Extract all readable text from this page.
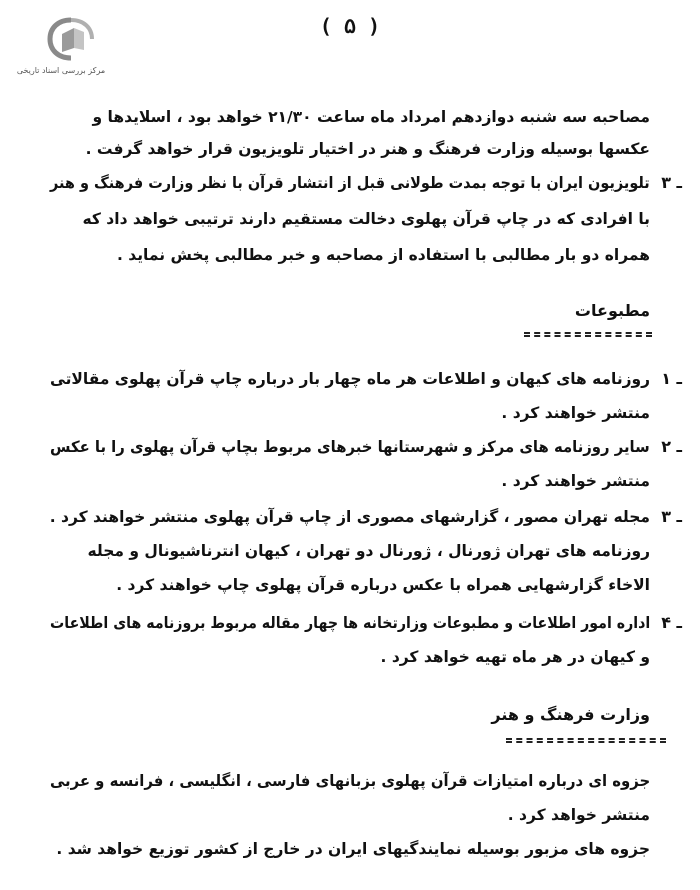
مرکز بررسی اسناد تاریخی
( ۵ )
مصاحبه سه شنبه دوازدهم امرداد ماه ساعت ۲۱/۳۰ خواهد بود ، اسلایدها و
عکسها بوسیله وزارت فرهنگ و هنر در اختیار تلویزیون قرار خواهد گرفت .
۳ ـ
تلویزیون ایران با توجه بمدت طولانی قبل از انتشار قرآن با نظر وزارت فرهنگ و هنر
با افرادی که در چاپ قرآن پهلوی دخالت مستقیم دارند ترتیبی خواهد داد که
همراه دو بار مطالبی با استفاده از مصاحبه و خبر مطالبی پخش نماید .
مطبوعات
۱ ـ
روزنامه های کیهان و اطلاعات هر ماه چهار بار درباره چاپ قرآن پهلوی مقالاتی
منتشر خواهند کرد .
۲ ـ
سایر روزنامه های مرکز و شهرستانها خبرهای مربوط بچاپ قرآن پهلوی را با عکس
منتشر خواهند کرد .
۳ ـ
مجله تهران مصور ، گزارشهای مصوری از چاپ قرآن پهلوی منتشر خواهند کرد .
روزنامه های تهران ژورنال ، ژورنال دو تهران ، کیهان انترناشیونال و مجله
الاخاء گزارشهایی همراه با عکس درباره قرآن پهلوی چاپ خواهند کرد .
۴ ـ
اداره امور اطلاعات و مطبوعات وزارتخانه ها چهار مقاله مربوط بروزنامه های اطلاعات
و کیهان در هر ماه تهیه خواهد کرد .
وزارت فرهنگ و هنر
جزوه ای درباره امتیازات قرآن پهلوی بزبانهای فارسی ، انگلیسی ، فرانسه و عربی
منتشر خواهد کرد .
جزوه های مزبور بوسیله نمایندگیهای ایران در خارج از کشور توزیع خواهد شد .
